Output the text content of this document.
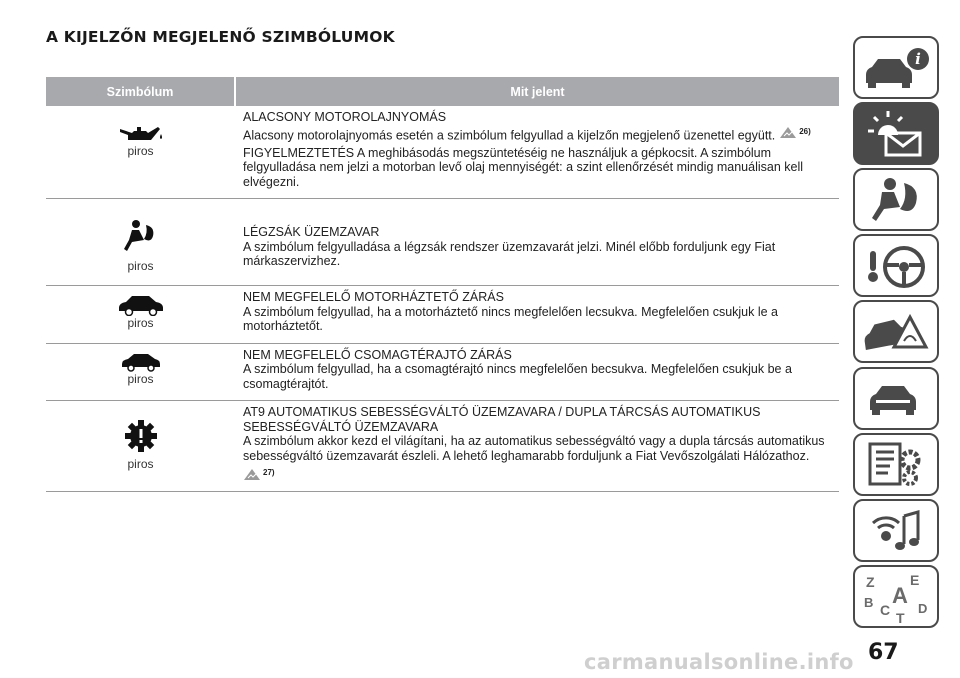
A KIJELZŐN MEGJELENŐ SZIMBÓLUMOK
Szimbólum	Mit jelent

piros	ALACSONY MOTOROLAJNYOMÁS

Alacsony motorolajnyomás esetén a szimbólum felgyullad a kijelzőn megjelenő üzenettel együtt. 26)

FIGYELMEZTETÉS A meghibásodás megszüntetéséig ne használjuk a gépkocsit. A szimbólum felgyulladása nem jelzi a motorban levő olaj mennyiségét: a szint ellenőrzését mindig manuálisan kell elvégezni.

piros	LÉGZSÁK ÜZEMZAVAR

A szimbólum felgyulladása a légzsák rendszer üzemzavarát jelzi. Minél előbb forduljunk egy Fiat márkaszervizhez.

piros	NEM MEGFELELŐ MOTORHÁZTETŐ ZÁRÁS

A szimbólum felgyullad, ha a motorháztető nincs megfelelően lecsukva. Megfelelően csukjuk le a motorháztetőt.

piros	NEM MEGFELELŐ CSOMAGTÉRAJTÓ ZÁRÁS

A szimbólum felgyullad, ha a csomagtérajtó nincs megfelelően becsukva. Megfelelően csukjuk be a csomagtérajtót.

piros	AT9 AUTOMATIKUS SEBESSÉGVÁLTÓ ÜZEMZAVARA / DUPLA TÁRCSÁS AUTOMATIKUS SEBESSÉGVÁLTÓ ÜZEMZAVARA

A szimbólum akkor kezd el világítani, ha az automatikus sebességváltó vagy a dupla tárcsás automatikus sebességváltó üzemzavarát észleli. A lehető leghamarabb forduljunk a Fiat Vevőszolgálati Hálózathoz.

27)
i
Z	E
B A
C T
D
67
carmanualsonline.info
